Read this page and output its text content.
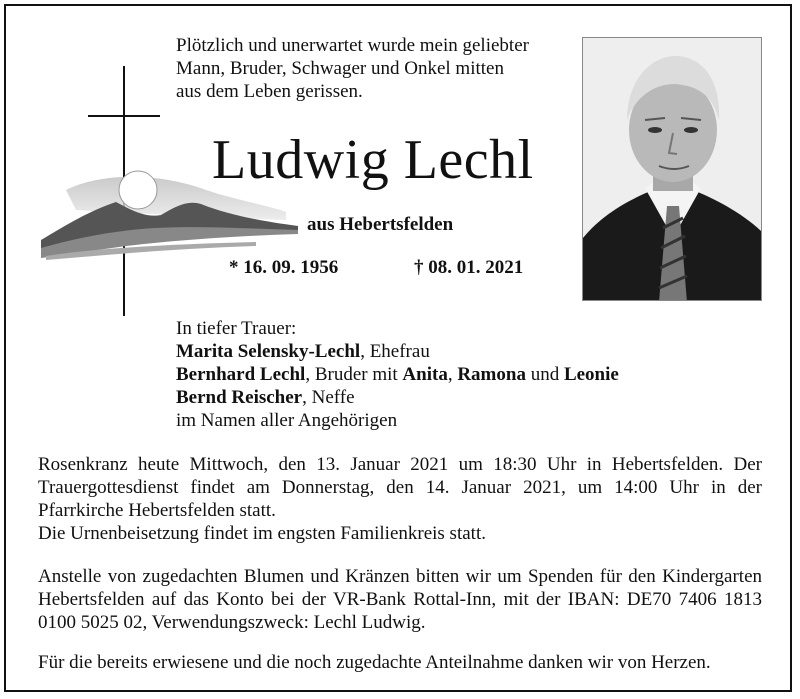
Plötzlich und unerwartet wurde mein geliebter

Mann, Bruder, Schwager und Onkel mitten

aus dem Leben gerissen.

Ludwig Lechl
aus Hebertsfelden
* 16. 09. 1956	† 08. 01. 2021
In tiefer Trauer:
Marita Selensky-Lechl, Ehefrau
Bernhard Lechl, Bruder mit Anita, Ramona und Leonie
Bernd Reischer, Neffe
im Namen aller Angehörigen

Rosenkranz heute Mittwoch, den 13. Januar 2021 um 18:30 Uhr in Hebertsfelden. Der Trauergottesdienst findet am Donnerstag, den 14. Januar 2021, um 14:00 Uhr in der Pfarrkirche Hebertsfelden statt.

Die Urnenbeisetzung findet im engsten Familienkreis statt.

Anstelle von zugedachten Blumen und Kränzen bitten wir um Spenden für den Kindergarten Hebertsfelden auf das Konto bei der VR-Bank Rottal-Inn, mit der IBAN: DE70 7406 1813 0100 5025 02, Verwendungszweck: Lechl Ludwig.

Für die bereits erwiesene und die noch zugedachte Anteilnahme danken wir von Herzen.
